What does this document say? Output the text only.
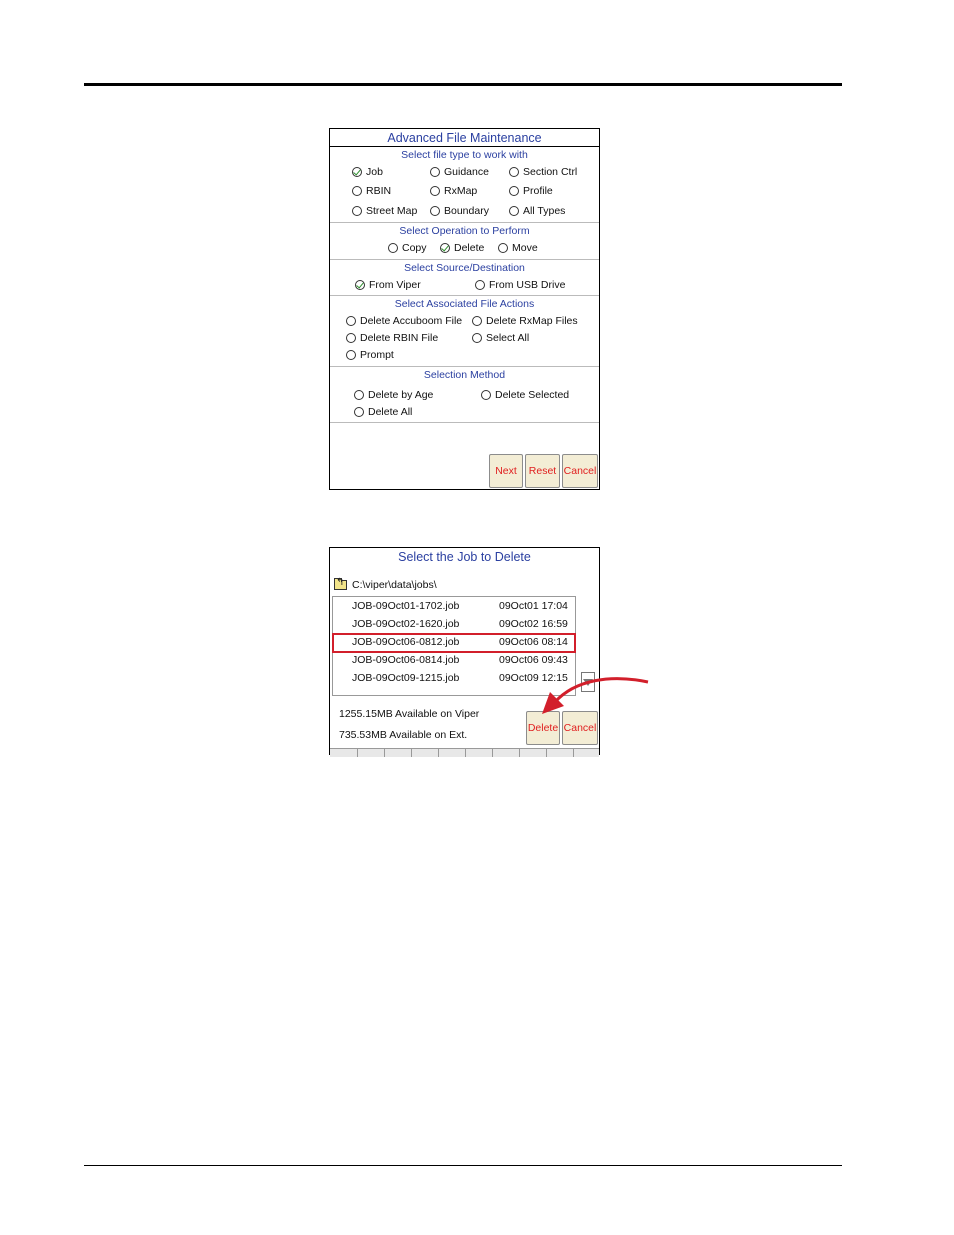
Advanced File Maintenance
Select file type to work with
Job	Guidance	Section Ctrl
RBIN	RxMap	Profile
Street Map	Boundary	All Types
Select Operation to Perform
Copy	Delete	Move
Select Source/Destination
From Viper	From USB Drive
Select Associated File Actions
Delete Accuboom File Delete RxMap Files
Delete RBIN File	Select All
Prompt
Selection Method
Delete by Age	Delete Selected
Delete All
Next	Reset Cancel
Select the Job to Delete
↰
C:\viper\data\jobs\
JOB-09Oct01-1702.job	09Oct01 17:04
JOB-09Oct02-1620.job	09Oct02 16:59
JOB-09Oct06-0812.job	09Oct06 08:14
JOB-09Oct06-0814.job	09Oct06 09:43
JOB-09Oct09-1215.job	09Oct09 12:15
1255.15MB Available on Viper
735.53MB Available on Ext.
Delete Cancel
